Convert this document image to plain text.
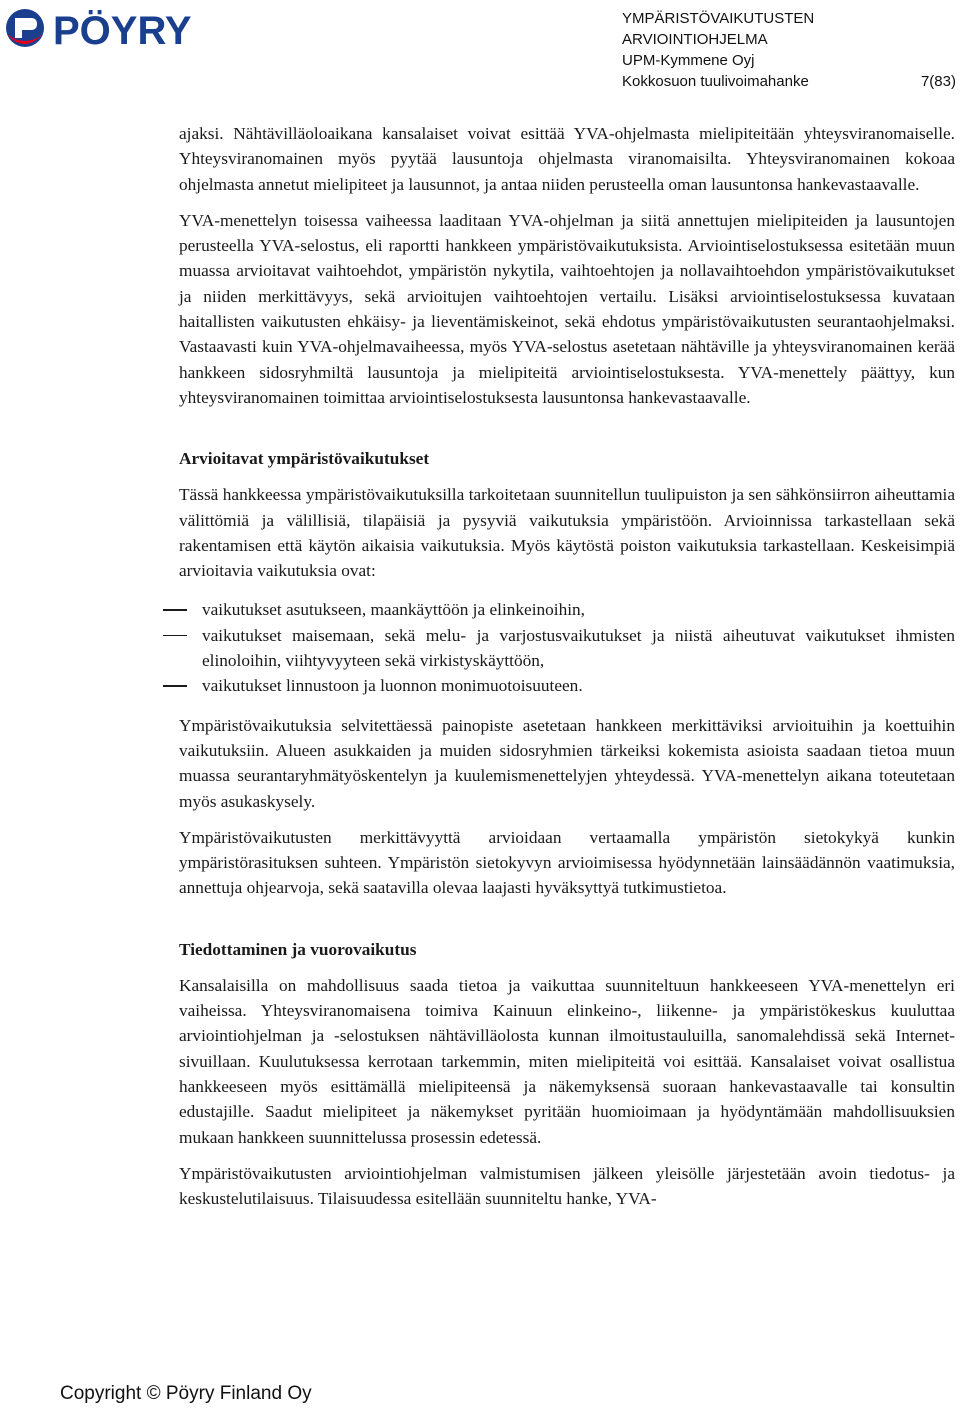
PÖYRY	YMPÄRISTÖVAIKUTUSTEN
ARVIOINTIOHJELMA
UPM-Kymmene Oyj
Kokkosuon tuulivoimahanke	7(83)

ajaksi. Nähtävilläoloaikana kansalaiset voivat esittää YVA-ohjelmasta mielipiteitään yhteysviranomaiselle. Yhteysviranomainen myös pyytää lausuntoja ohjelmasta viranomaisilta. Yhteysviranomainen kokoaa ohjelmasta annetut mielipiteet ja lausunnot, ja antaa niiden perusteella oman lausuntonsa hankevastaavalle.

YVA-menettelyn toisessa vaiheessa laaditaan YVA-ohjelman ja siitä annettujen mielipiteiden ja lausuntojen perusteella YVA-selostus, eli raportti hankkeen ympäristövaikutuksista. Arviointiselostuksessa esitetään muun muassa arvioitavat vaihtoehdot, ympäristön nykytila, vaihtoehtojen ja nollavaihtoehdon ympäristövaikutukset ja niiden merkittävyys, sekä arvioitujen vaihtoehtojen vertailu. Lisäksi arviointiselostuksessa kuvataan haitallisten vaikutusten ehkäisy- ja lieventämiskeinot, sekä ehdotus ympäristövaikutusten seurantaohjelmaksi. Vastaavasti kuin YVA-ohjelmavaiheessa, myös YVA-selostus asetetaan nähtäville ja yhteysviranomainen kerää hankkeen sidosryhmiltä lausuntoja ja mielipiteitä arviointiselostuksesta. YVA-menettely päättyy, kun yhteysviranomainen toimittaa arviointiselostuksesta lausuntonsa hankevastaavalle.

Arvioitavat ympäristövaikutukset

Tässä hankkeessa ympäristövaikutuksilla tarkoitetaan suunnitellun tuulipuiston ja sen sähkönsiirron aiheuttamia välittömiä ja välillisiä, tilapäisiä ja pysyviä vaikutuksia ympäristöön. Arvioinnissa tarkastellaan sekä rakentamisen että käytön aikaisia vaikutuksia. Myös käytöstä poiston vaikutuksia tarkastellaan. Keskeisimpiä arvioitavia vaikutuksia ovat:

vaikutukset asutukseen, maankäyttöön ja elinkeinoihin,
vaikutukset maisemaan, sekä melu- ja varjostusvaikutukset ja niistä aiheutuvat vaikutukset ihmisten elinoloihin, viihtyvyyteen sekä virkistyskäyttöön,
vaikutukset linnustoon ja luonnon monimuotoisuuteen.

Ympäristövaikutuksia selvitettäessä painopiste asetetaan hankkeen merkittäviksi arvioituihin ja koettuihin vaikutuksiin. Alueen asukkaiden ja muiden sidosryhmien tärkeiksi kokemista asioista saadaan tietoa muun muassa seurantaryhmätyöskentelyn ja kuulemismenettelyjen yhteydessä. YVA-menettelyn aikana toteutetaan myös asukaskysely.

Ympäristövaikutusten merkittävyyttä arvioidaan vertaamalla ympäristön sietokykyä kunkin ympäristörasituksen suhteen. Ympäristön sietokyvyn arvioimisessa hyödynnetään lainsäädännön vaatimuksia, annettuja ohjearvoja, sekä saatavilla olevaa laajasti hyväksyttyä tutkimustietoa.

Tiedottaminen ja vuorovaikutus

Kansalaisilla on mahdollisuus saada tietoa ja vaikuttaa suunniteltuun hankkeeseen YVA-menettelyn eri vaiheissa. Yhteysviranomaisena toimiva Kainuun elinkeino-, liikenne- ja ympäristökeskus kuuluttaa arviointiohjelman ja -selostuksen nähtävilläolosta kunnan ilmoitustauluilla, sanomalehdissä sekä Internet-sivuillaan. Kuulutuksessa kerrotaan tarkemmin, miten mielipiteitä voi esittää. Kansalaiset voivat osallistua hankkeeseen myös esittämällä mielipiteensä ja näkemyksensä suoraan hankevastaavalle tai konsultin edustajille. Saadut mielipiteet ja näkemykset pyritään huomioimaan ja hyödyntämään mahdollisuuksien mukaan hankkeen suunnittelussa prosessin edetessä.

Ympäristövaikutusten arviointiohjelman valmistumisen jälkeen yleisölle järjestetään avoin tiedotus- ja keskustelutilaisuus. Tilaisuudessa esitellään suunniteltu hanke, YVA-

Copyright © Pöyry Finland Oy
